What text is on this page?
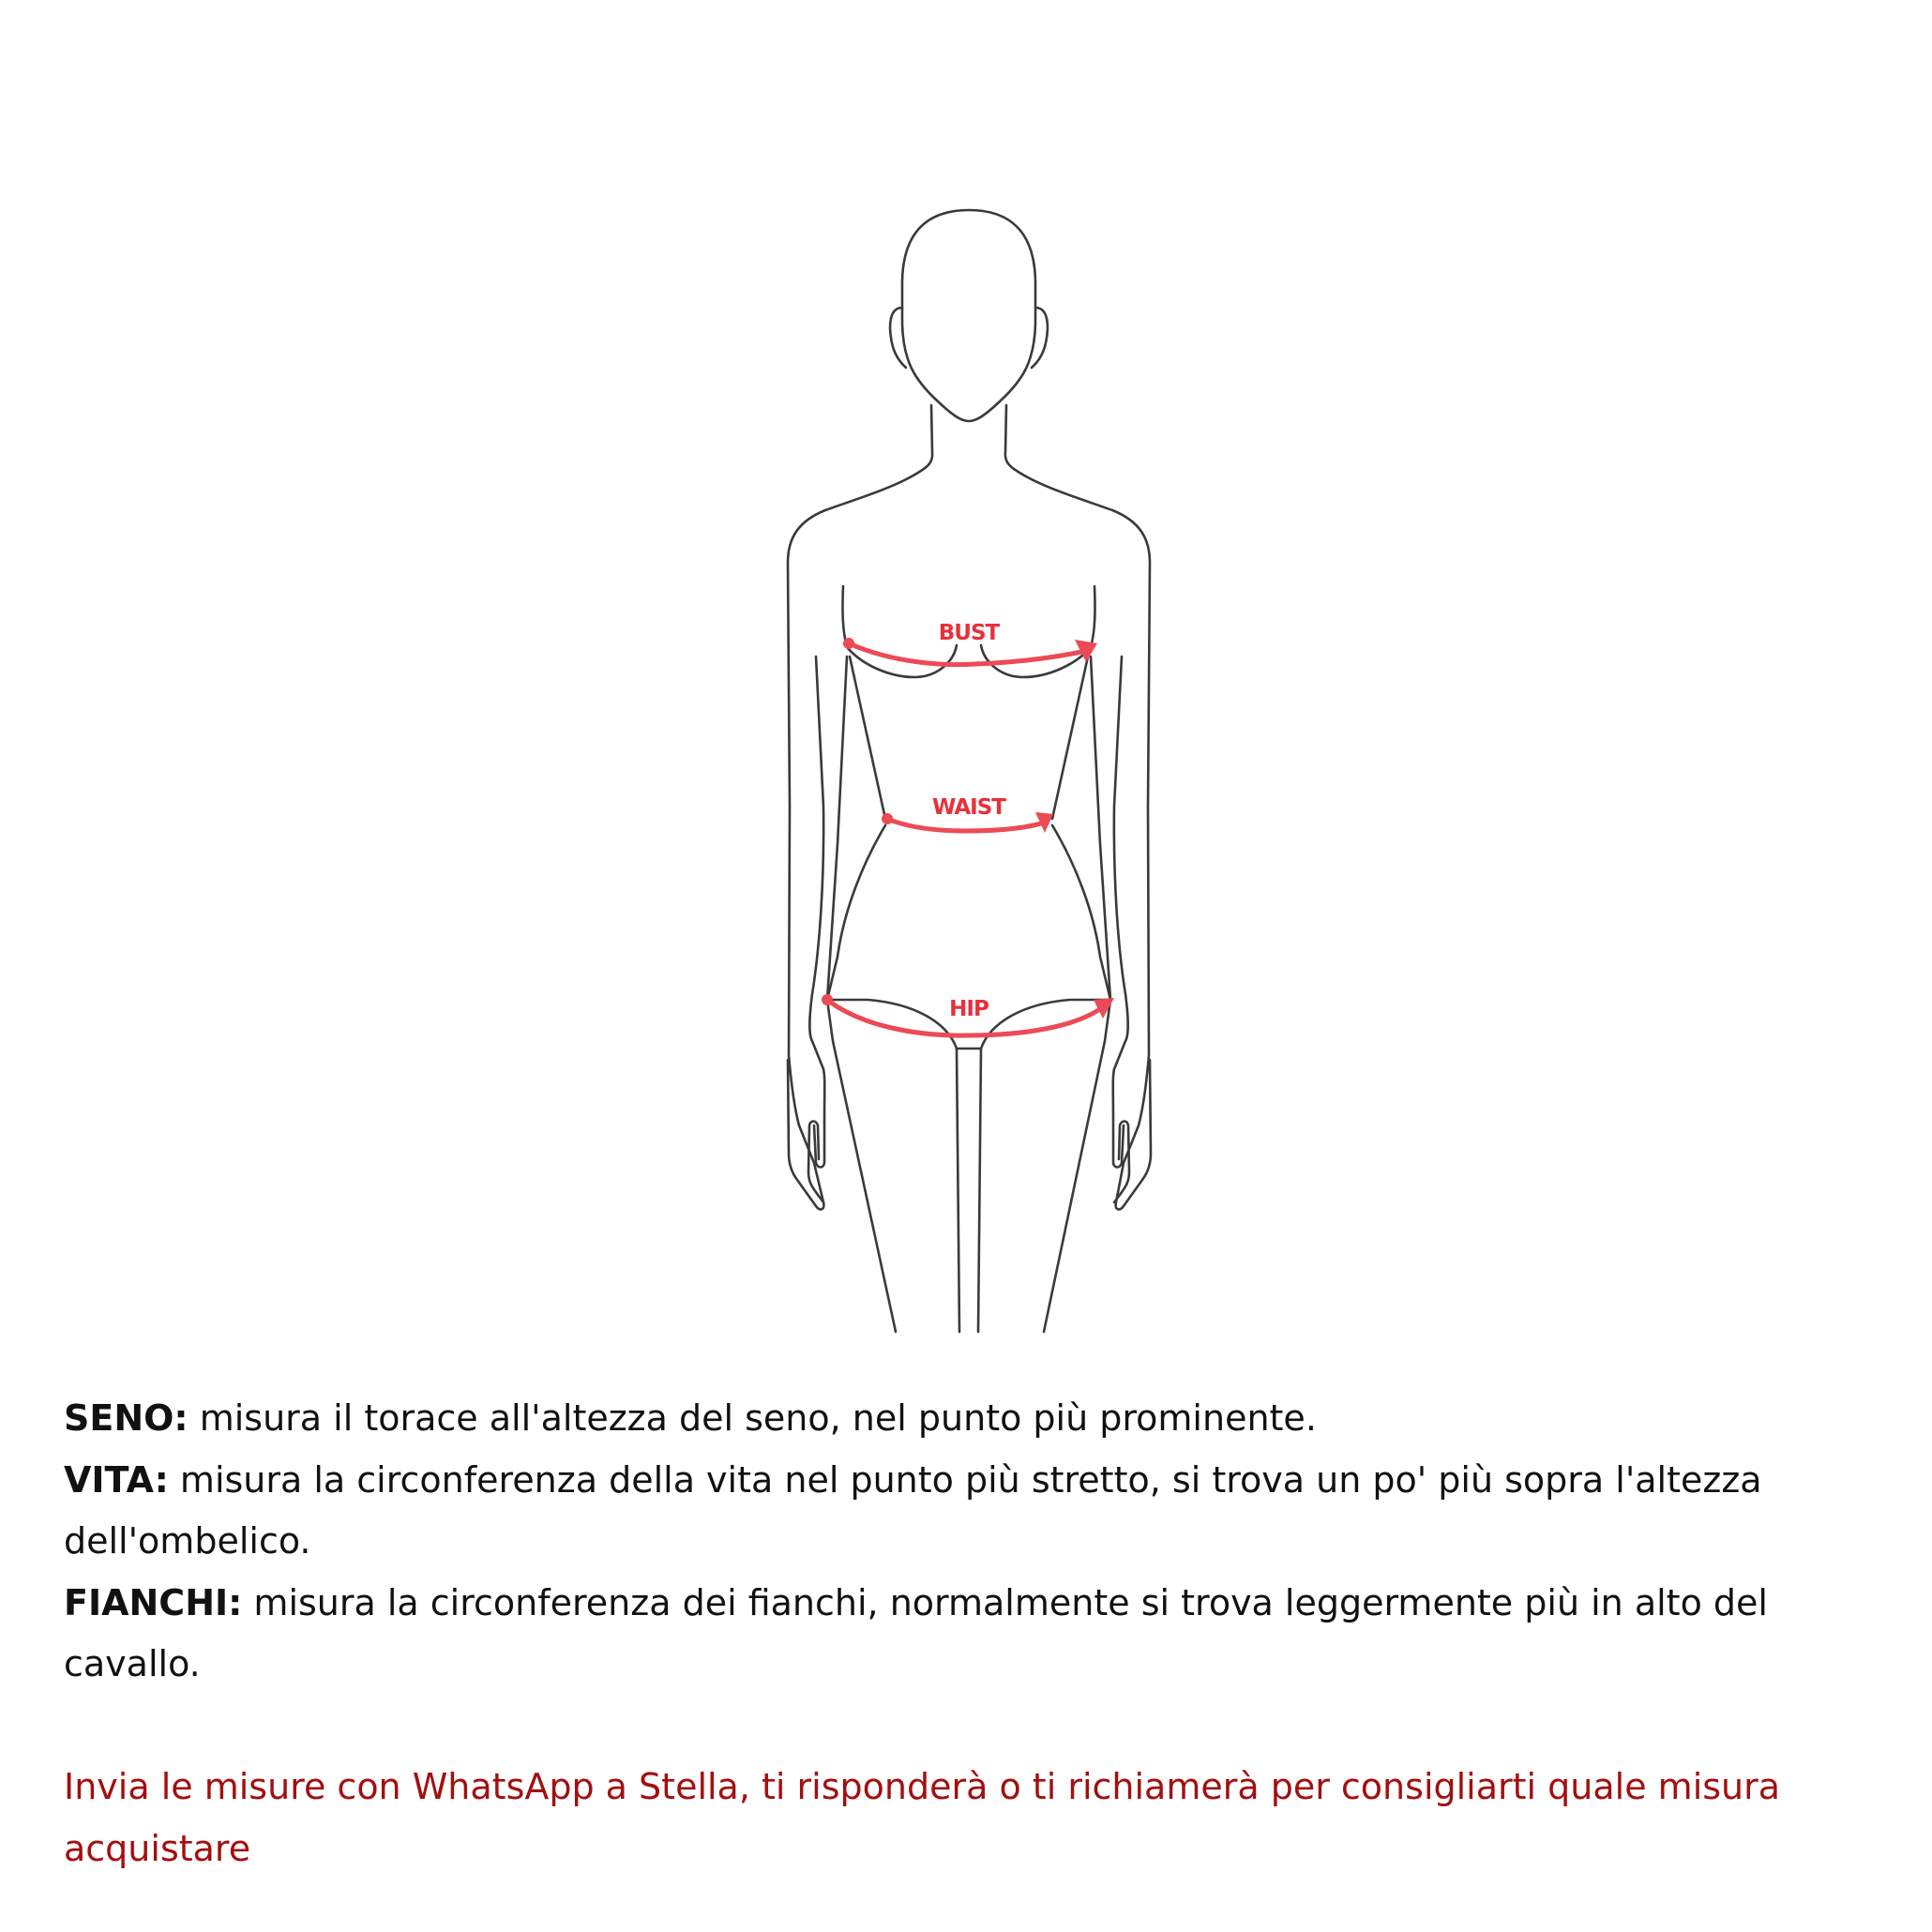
BUST
WAIST
HIP

SENO: misura il torace all'altezza del seno, nel punto più prominente.

VITA: misura la circonferenza della vita nel punto più stretto, si trova un po' più sopra l'altezza dell'ombelico.

FIANCHI: misura la circonferenza dei fianchi, normalmente si trova leggermente più in alto del cavallo.

Invia le misure con WhatsApp a Stella, ti risponderà o ti richiamerà per consigliarti quale misura acquistare
